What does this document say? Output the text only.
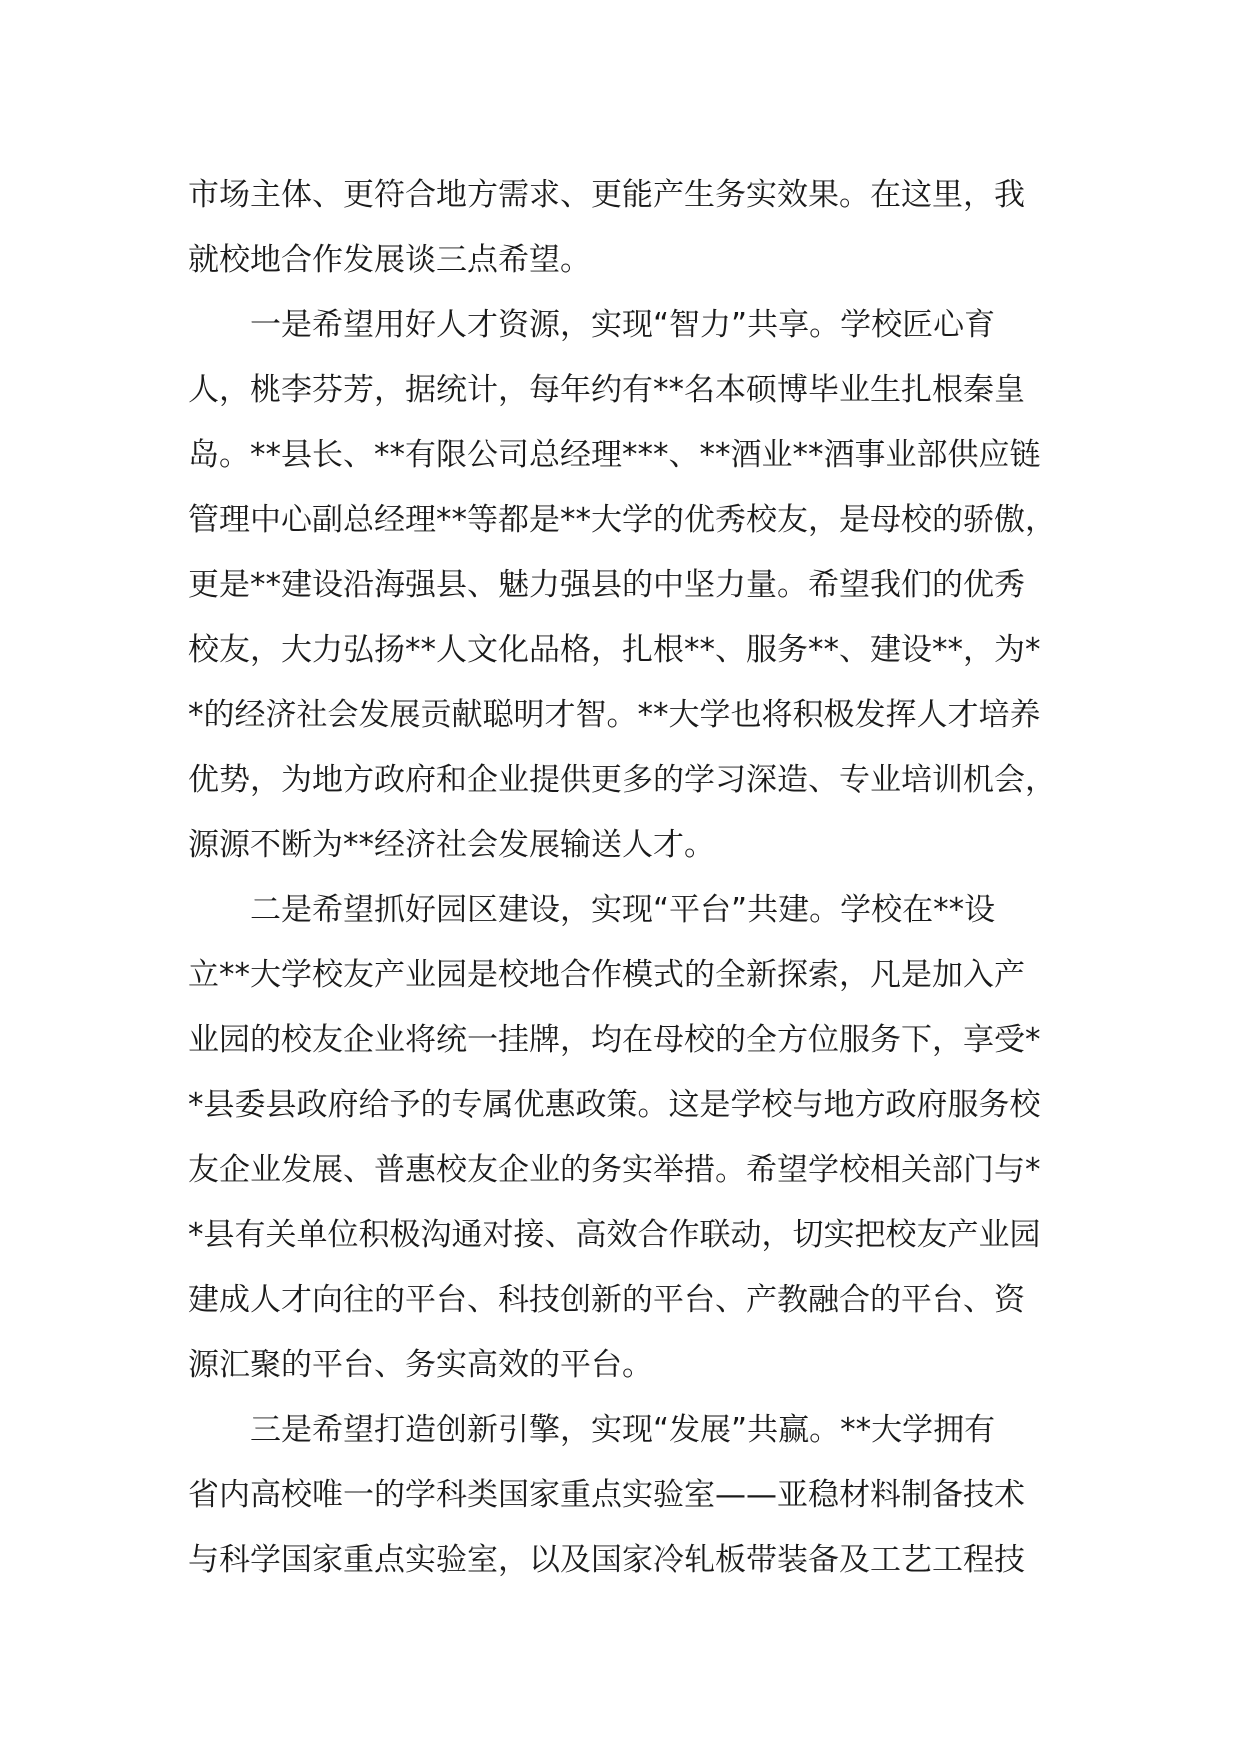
市场主体、更符合地方需求、更能产生务实效果。在这里，我
就校地合作发展谈三点希望。
一是希望用好人才资源，实现“智力”共享。学校匠心育
人，桃李芬芳，据统计，每年约有**名本硕博毕业生扎根秦皇
岛。**县长、**有限公司总经理***、**酒业**酒事业部供应链
管理中心副总经理**等都是**大学的优秀校友，是母校的骄傲，
更是**建设沿海强县、魅力强县的中坚力量。希望我们的优秀
校友，大力弘扬**人文化品格，扎根**、服务**、建设**，为*
*的经济社会发展贡献聪明才智。**大学也将积极发挥人才培养
优势，为地方政府和企业提供更多的学习深造、专业培训机会，
源源不断为**经济社会发展输送人才。
二是希望抓好园区建设，实现“平台”共建。学校在**设
立**大学校友产业园是校地合作模式的全新探索，凡是加入产
业园的校友企业将统一挂牌，均在母校的全方位服务下，享受*
*县委县政府给予的专属优惠政策。这是学校与地方政府服务校
友企业发展、普惠校友企业的务实举措。希望学校相关部门与*
*县有关单位积极沟通对接、高效合作联动，切实把校友产业园
建成人才向往的平台、科技创新的平台、产教融合的平台、资
源汇聚的平台、务实高效的平台。
三是希望打造创新引擎，实现“发展”共赢。**大学拥有
省内高校唯一的学科类国家重点实验室——亚稳材料制备技术
与科学国家重点实验室，以及国家冷轧板带装备及工艺工程技
